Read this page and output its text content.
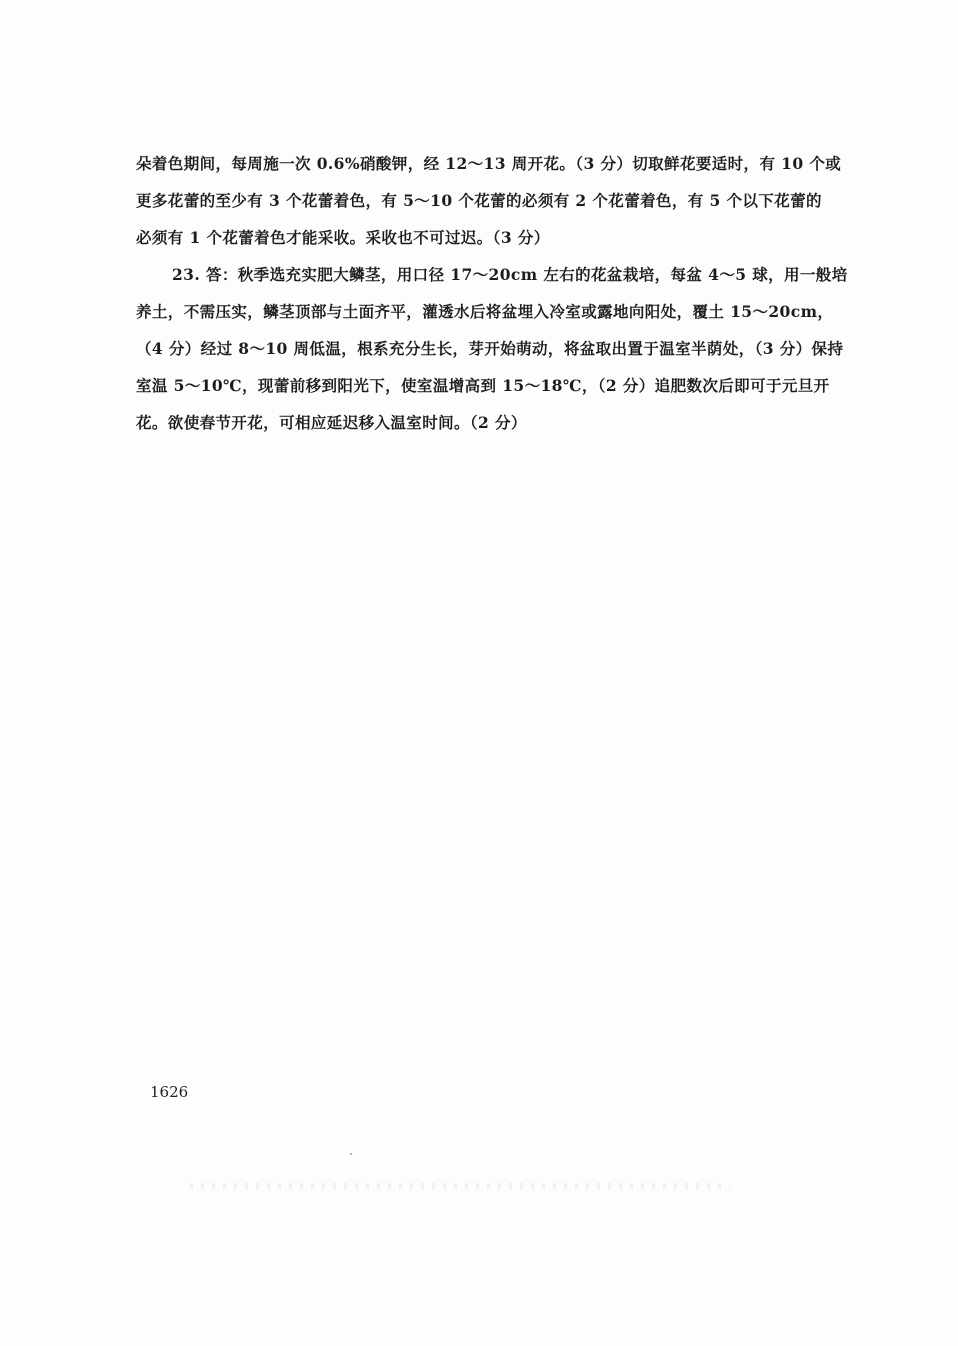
朵着色期间，每周施一次 0.6%硝酸钾，经 12～13 周开花。（3 分）切取鲜花要适时，有 10 个或
更多花蕾的至少有 3 个花蕾着色，有 5～10 个花蕾的必须有 2 个花蕾着色，有 5 个以下花蕾的
必须有 1 个花蕾着色才能采收。采收也不可过迟。（3 分）
23. 答：秋季选充实肥大鳞茎，用口径 17～20cm 左右的花盆栽培，每盆 4～5 球，用一般培
养土，不需压实，鳞茎顶部与土面齐平，灌透水后将盆埋入冷室或露地向阳处，覆土 15～20cm，
（4 分）经过 8～10 周低温，根系充分生长，芽开始萌动，将盆取出置于温室半荫处，（3 分）保持
室温 5～10℃，现蕾前移到阳光下，使室温增高到 15～18℃，（2 分）追肥数次后即可于元旦开
花。欲使春节开花，可相应延迟移入温室时间。（2 分）
1626
